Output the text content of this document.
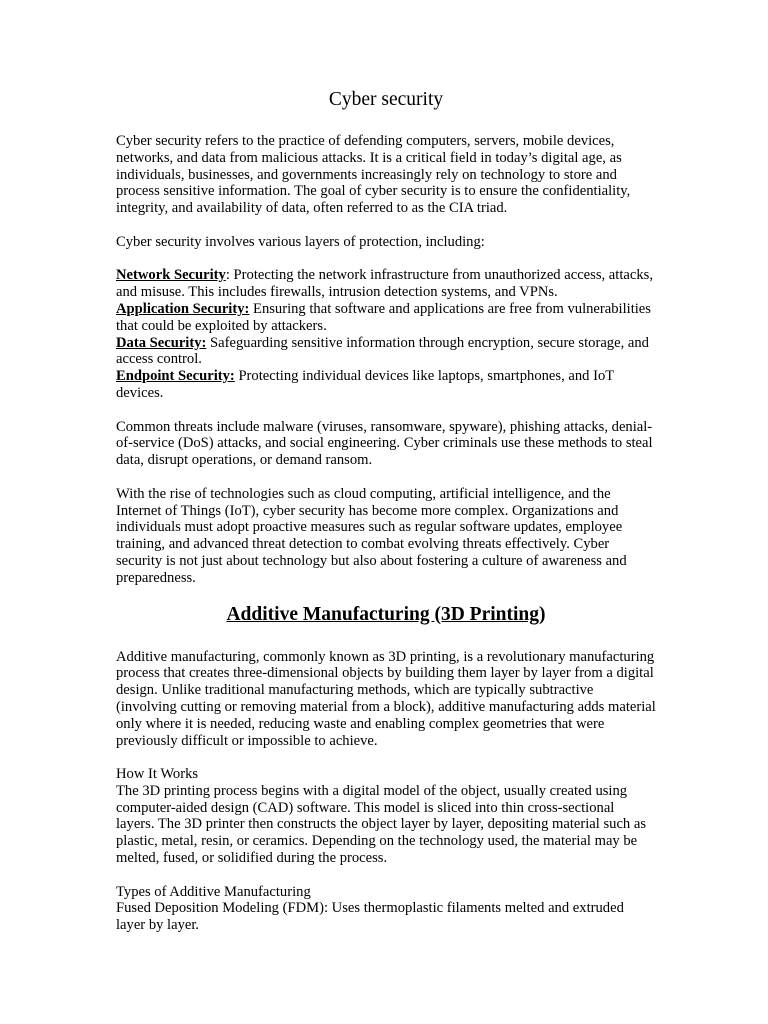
Cyber security

Cyber security refers to the practice of defending computers, servers, mobile devices, networks, and data from malicious attacks. It is a critical field in today’s digital age, as individuals, businesses, and governments increasingly rely on technology to store and process sensitive information. The goal of cyber security is to ensure the confidentiality, integrity, and availability of data, often referred to as the CIA triad.

Cyber security involves various layers of protection, including:

Network Security: Protecting the network infrastructure from unauthorized access, attacks, and misuse. This includes firewalls, intrusion detection systems, and VPNs.

Application Security: Ensuring that software and applications are free from vulnerabilities that could be exploited by attackers.

Data Security: Safeguarding sensitive information through encryption, secure storage, and access control.

Endpoint Security: Protecting individual devices like laptops, smartphones, and IoT devices.

Common threats include malware (viruses, ransomware, spyware), phishing attacks, denial-of-service (DoS) attacks, and social engineering. Cyber criminals use these methods to steal data, disrupt operations, or demand ransom.

With the rise of technologies such as cloud computing, artificial intelligence, and the Internet of Things (IoT), cyber security has become more complex. Organizations and individuals must adopt proactive measures such as regular software updates, employee training, and advanced threat detection to combat evolving threats effectively. Cyber security is not just about technology but also about fostering a culture of awareness and preparedness.

Additive Manufacturing (3D Printing)

Additive manufacturing, commonly known as 3D printing, is a revolutionary manufacturing process that creates three-dimensional objects by building them layer by layer from a digital design. Unlike traditional manufacturing methods, which are typically subtractive (involving cutting or removing material from a block), additive manufacturing adds material only where it is needed, reducing waste and enabling complex geometries that were previously difficult or impossible to achieve.

How It Works

The 3D printing process begins with a digital model of the object, usually created using computer-aided design (CAD) software. This model is sliced into thin cross-sectional layers. The 3D printer then constructs the object layer by layer, depositing material such as plastic, metal, resin, or ceramics. Depending on the technology used, the material may be melted, fused, or solidified during the process.

Types of Additive Manufacturing

Fused Deposition Modeling (FDM): Uses thermoplastic filaments melted and extruded layer by layer.
